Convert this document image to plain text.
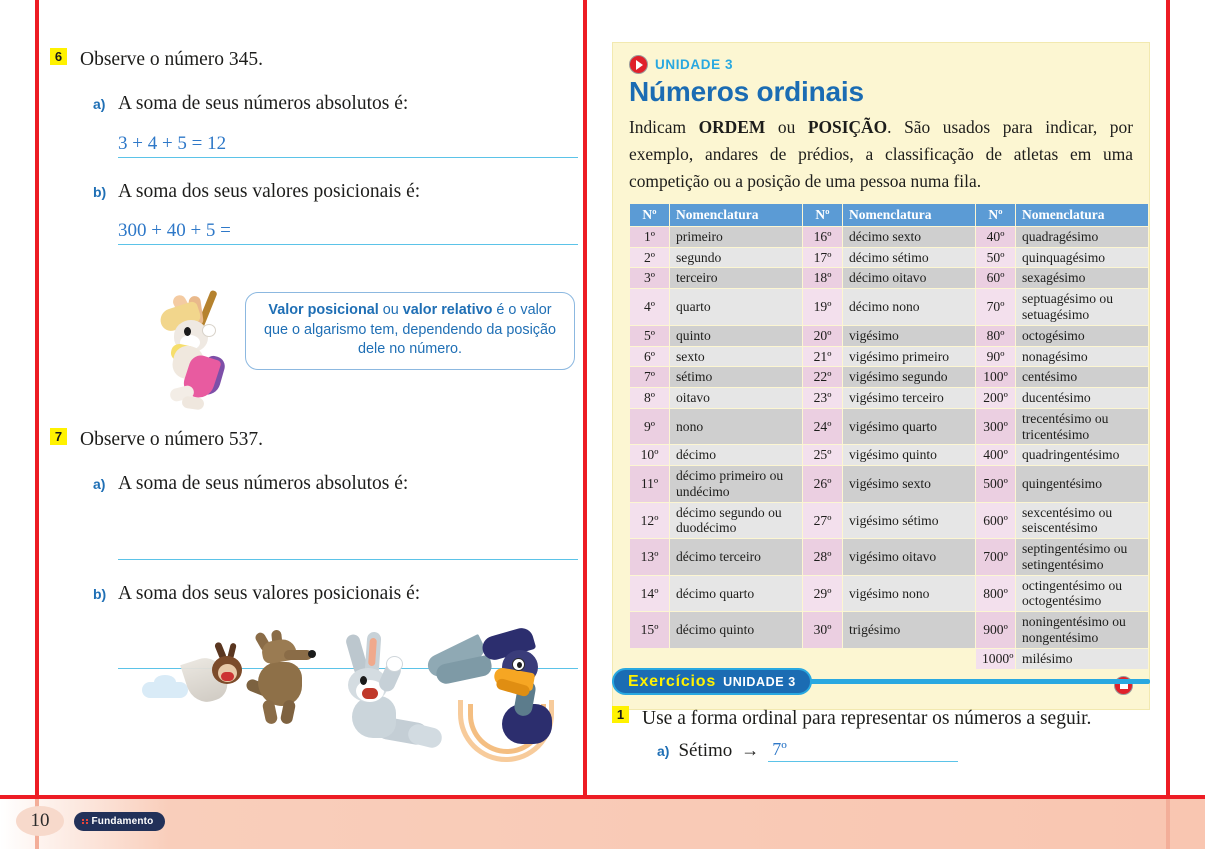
10	Fundamento
6 Observe o número 345.
a) A soma de seus números absolutos é:
3 + 4 + 5 = 12
b) A soma dos seus valores posicionais é:
300 + 40 + 5 =
Valor posicional ou valor relativo é o valor que o algarismo tem, dependendo da posição dele no número.
7 Observe o número 537.
a) A soma de seus números absolutos é:
b) A soma dos seus valores posicionais é:
UNIDADE 3
Números ordinais
Indicam ORDEM ou POSIÇÃO. São usados para indicar, por exemplo, andares de prédios, a classificação de atletas em uma competição ou a posição de uma pessoa numa fila.
Nº	Nomenclatura	Nº	Nomenclatura	Nº	Nomenclatura
1º	primeiro	16º	décimo sexto	40º	quadragésimo
2º	segundo	17º	décimo sétimo	50º	quinquagésimo
3º	terceiro	18º	décimo oitavo	60º	sexagésimo
4º	quarto	19º	décimo nono	70º	septuagésimo ou setuagésimo
5º	quinto	20º	vigésimo	80º	octogésimo
6º	sexto	21º	vigésimo primeiro	90º	nonagésimo
7º	sétimo	22º	vigésimo segundo	100º	centésimo
8º	oitavo	23º	vigésimo terceiro	200º	ducentésimo
9º	nono	24º	vigésimo quarto	300º	trecentésimo ou tricentésimo
10º	décimo	25º	vigésimo quinto	400º	quadringentésimo
11º	décimo primeiro ou undécimo	26º	vigésimo sexto	500º	quingentésimo
12º	décimo segundo ou duodécimo	27º	vigésimo sétimo	600º	sexcentésimo ou seiscentésimo
13º	décimo terceiro	28º	vigésimo oitavo	700º	septingentésimo ou setingentésimo
14º	décimo quarto	29º	vigésimo nono	800º	octingentésimo ou octogentésimo
15º	décimo quinto	30º	trigésimo	900º	noningentésimo ou nongentésimo
				1000º	milésimo
Exercícios UNIDADE 3
1 Use a forma ordinal para representar os números a seguir.
a) Sétimo → 7º
